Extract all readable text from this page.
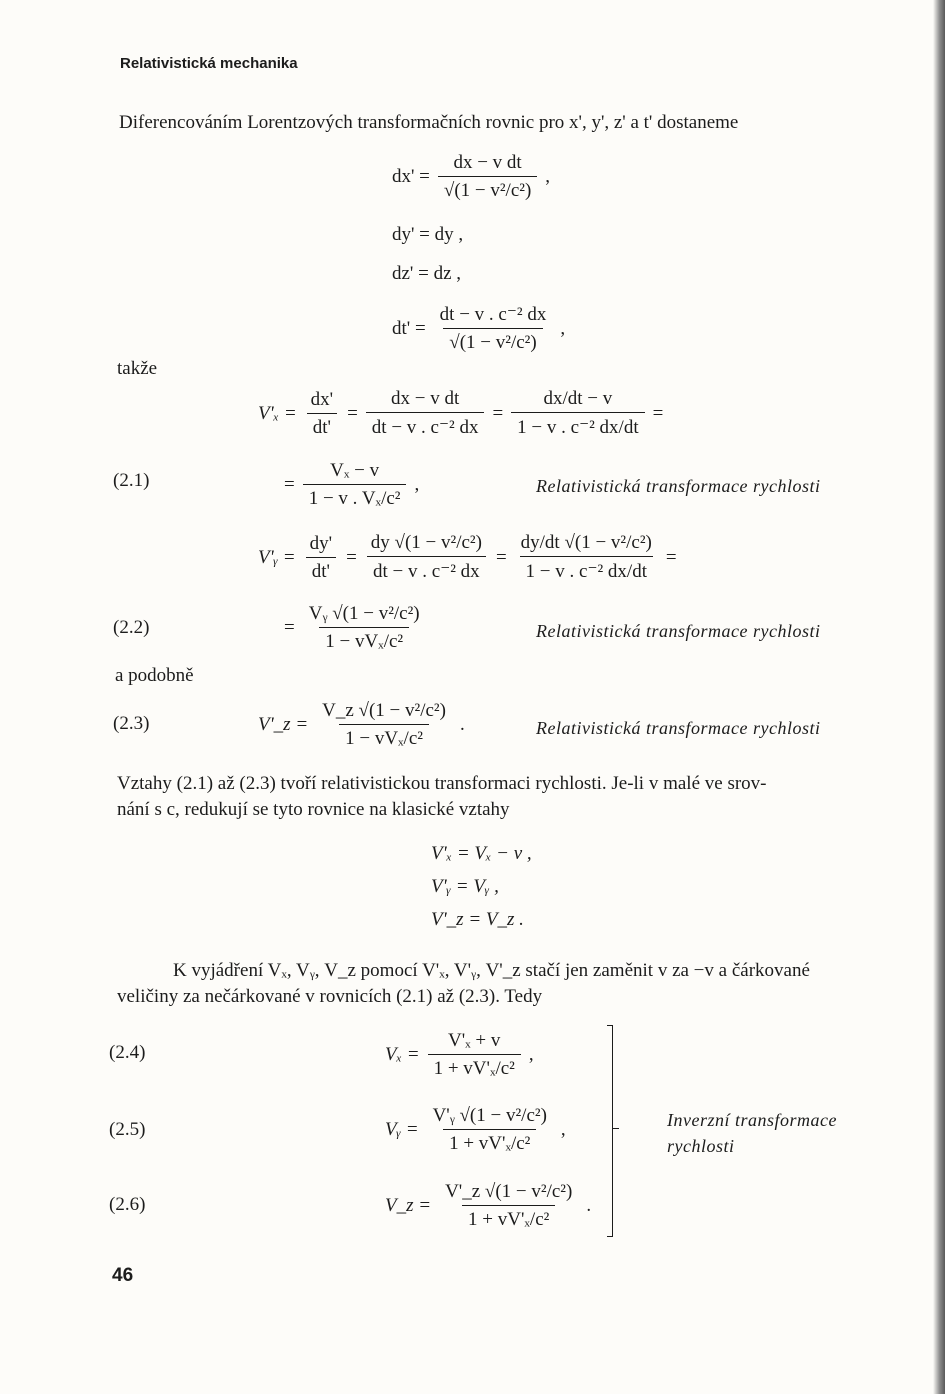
Relativistická mechanika
Diferencováním Lorentzových transformačních rovnic pro x', y', z' a t' dostaneme
$dx' = \frac{\text{dx − v dt}}{\text{√(1 − v²/c²)}}$ ,
dy' = dy ,
dz' = dz ,
$dt' = \frac{\text{dt − v . c⁻² dx}}{\text{√(1 − v²/c²)}}$ ,
takže
$V'_x = \frac{dx'}{dt'} = \frac{\text{dx − v dt}}{\text{dt − v . c⁻² dx}} = \frac{dx/dt - v}{\text{1 − v . c⁻² dx/dt}}$ =
(2.1)	= $\frac{\text{Vₓ − v}}{\text{1 − v . Vₓ/c²}}$ ,	Relativistická transformace rychlosti
V'ᵧ = $\frac{dy'}{dt'} = \frac{\text{dy √(1 − v²/c²)}}{\text{dt − v . c⁻² dx}} = \frac{\text{dy/dt √(1 − v²/c²)}}{\text{1 − v . c⁻² dx/dt}}$ =
(2.2)	= $\frac{\text{Vᵧ √(1 − v²/c²)}}{\text{1 − vVₓ/c²}}$	Relativistická transformace rychlosti
a podobně
(2.3)	V'_z = $\frac{\text{V\_z √(1 − v²/c²)}}{\text{1 − vVₓ/c²}}$ .	Relativistická transformace rychlosti
Vztahy (2.1) až (2.3) tvoří relativistickou transformaci rychlosti. Je-li v malé ve srov-
nání s c, redukují se tyto rovnice na klasické vztahy
V'ₓ = Vₓ − v ,
V'ᵧ = Vᵧ ,
V'_z = V_z .
K vyjádření Vₓ, Vᵧ, V_z pomocí V'ₓ, V'ᵧ, V'_z stačí jen zaměnit v za −v a čárkované
veličiny za nečárkované v rovnicích (2.1) až (2.3). Tedy
(2.4)	$V_x = \frac{\text{V'ₓ + v}}{\text{1 + vV'ₓ/c²}}$ ,
(2.5)	Vᵧ = $\frac{\text{V'ᵧ √(1 − v²/c²)}}{\text{1 + vV'ₓ/c²}}$ ,
(2.6)	V_z = $\frac{\text{V'\_z √(1 − v²/c²)}}{\text{1 + vV'ₓ/c²}}$ .
Inverzní transformace
rychlosti
46
